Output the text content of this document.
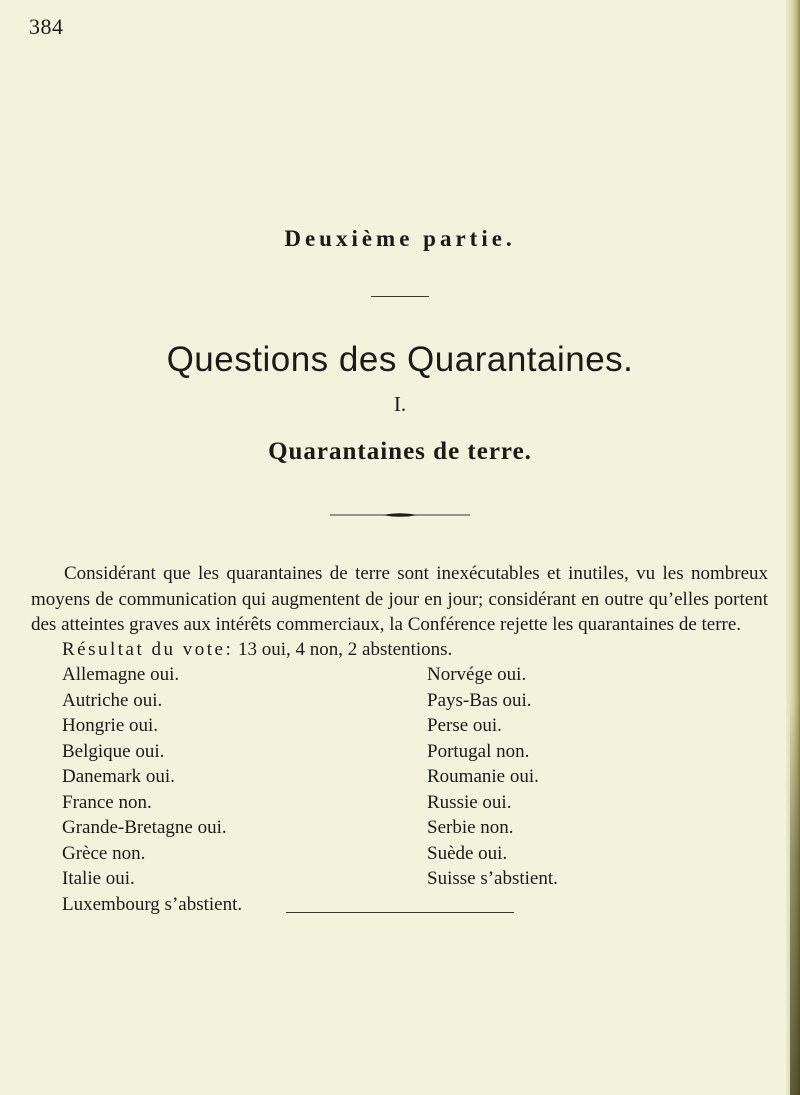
384
Deuxième partie.
Questions des Quarantaines.
I.
Quarantaines de terre.

Considérant que les quarantaines de terre sont inexécutables et inutiles, vu les nombreux moyens de communication qui augmentent de jour en jour; considérant en outre qu’elles portent des atteintes graves aux intérêts commerciaux, la Conférence rejette les quarantaines de terre.

Résultat du vote: 13 oui, 4 non, 2 abstentions.
Allemagne oui.
Autriche oui.
Hongrie oui.
Belgique oui.
Danemark oui.
France non.
Grande-Bretagne oui.
Grèce non.
Italie oui.
Luxembourg s’abstient.
Norvége oui.
Pays-Bas oui.
Perse oui.
Portugal non.
Roumanie oui.
Russie oui.
Serbie non.
Suède oui.
Suisse s’abstient.
